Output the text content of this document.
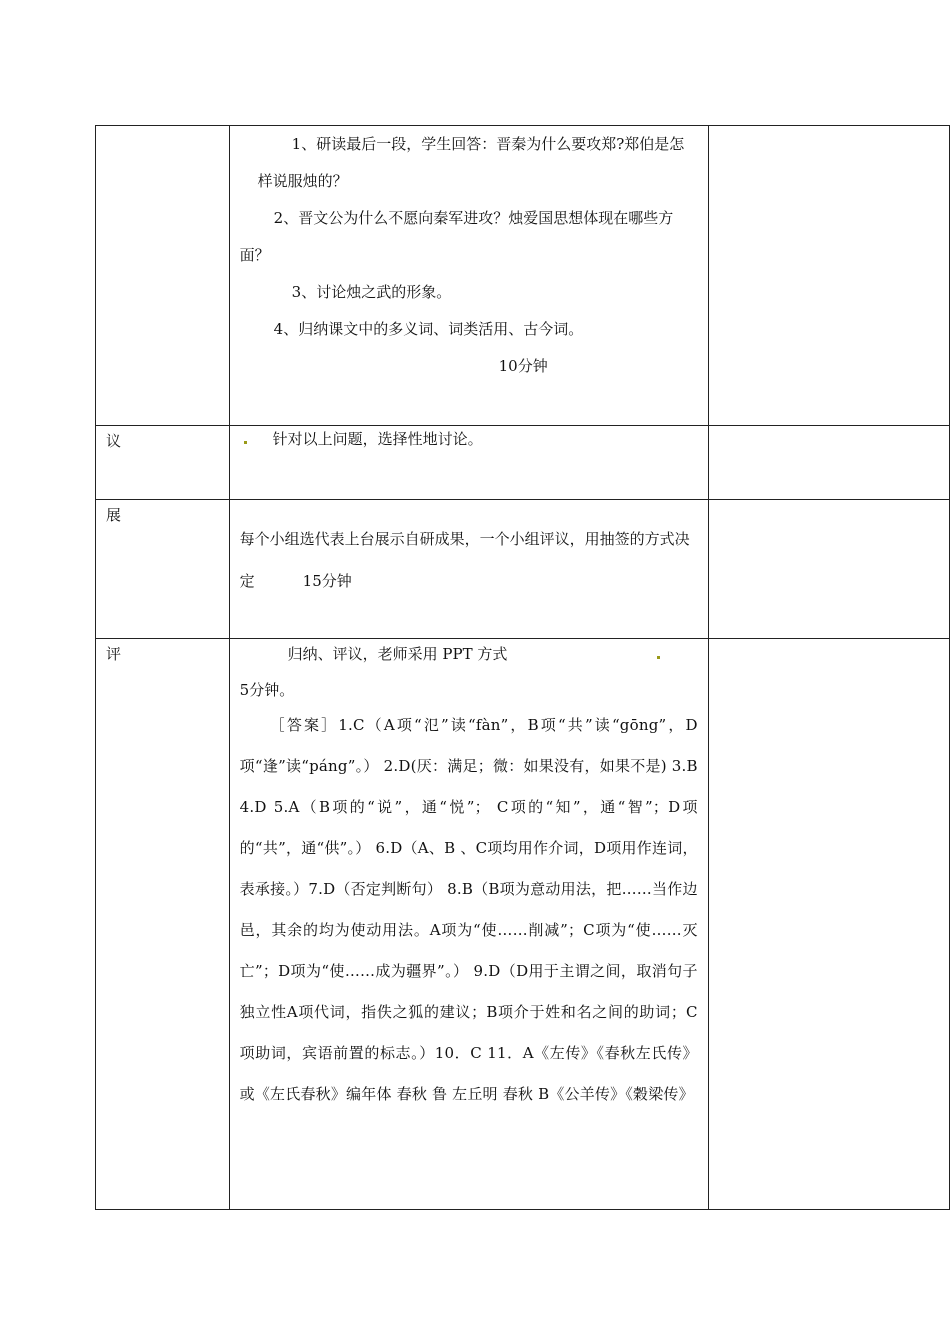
	1、研读最后一段，学生回答：晋秦为什么要攻郑?郑伯是怎样说服烛的？

2、晋文公为什么不愿向秦军进攻？烛爱国思想体现在哪些方面？

3、讨论烛之武的形象。

4、归纳课文中的多义词、词类活用、古今词。

10分钟	

议	针对以上问题，选择性地讨论。	

展	每个小组选代表上台展示自研成果，一个小组评议，用抽签的方式决定 15分钟	

评	归纳、评议，老师采用 PPT 方式

5分钟。

［答案］1.C（A项“氾”读“fàn”，B项“共”读“gōng”，D项“逢”读“páng”。） 2.D(厌：满足；微：如果没有，如果不是) 3.B 4.D 5.A（B项的“说”，通“悦”； C项的“知”，通“智”；D项的“共”，通“供”。） 6.D（A、B 、C项均用作介词，D项用作连词，表承接。）7.D（否定判断句） 8.B（B项为意动用法，把……当作边邑，其余的均为使动用法。A项为“使……削减”；C项为“使……灭亡”；D项为“使……成为疆界”。） 9.D（D用于主谓之间，取消句子独立性A项代词，指佚之狐的建议；B项介于姓和名之间的助词；C项助词，宾语前置的标志。）10．C 11．A《左传》《春秋左氏传》或《左氏春秋》编年体 春秋 鲁 左丘明 春秋 B《公羊传》《穀梁传》	
